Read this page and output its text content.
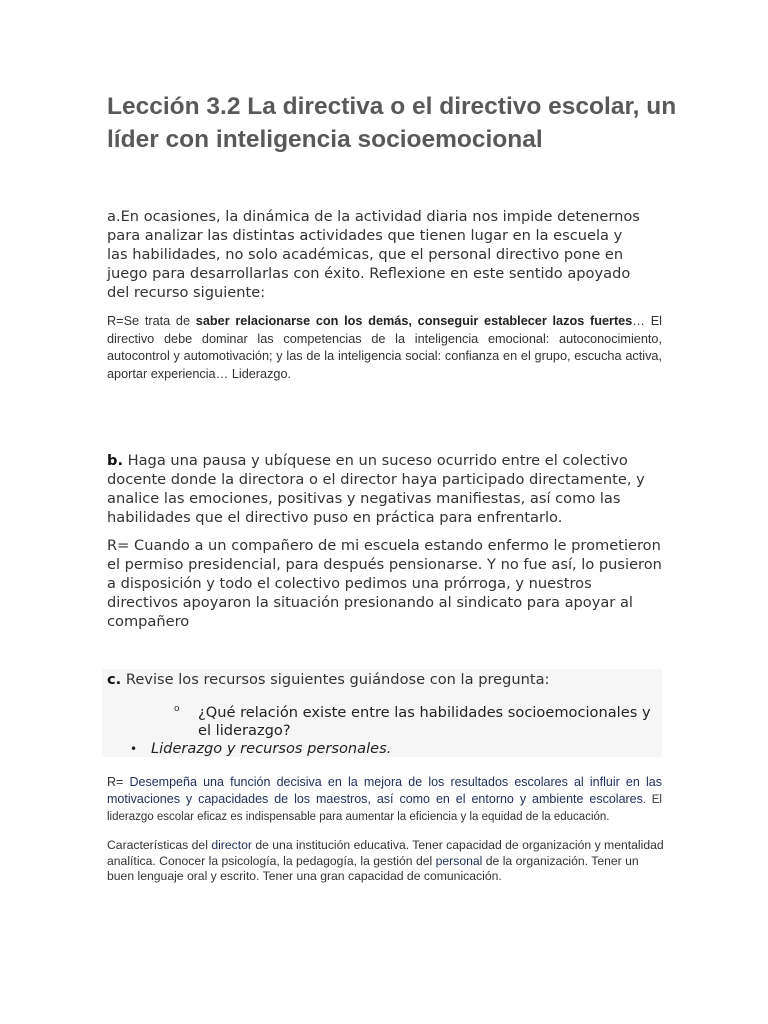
Lección 3.2 La directiva o el directivo escolar, un líder con inteligencia socioemocional

a.En ocasiones, la dinámica de la actividad diaria nos impide detenernos para analizar las distintas actividades que tienen lugar en la escuela y las habilidades, no solo académicas, que el personal directivo pone en juego para desarrollarlas con éxito. Reflexione en este sentido apoyado del recurso siguiente:

R=Se trata de saber relacionarse con los demás, conseguir establecer lazos fuertes… El directivo debe dominar las competencias de la inteligencia emocional: autoconocimiento, autocontrol y automotivación; y las de la inteligencia social: confianza en el grupo, escucha activa, aportar experiencia… Liderazgo.

b. Haga una pausa y ubíquese en un suceso ocurrido entre el colectivo docente donde la directora o el director haya participado directamente, y analice las emociones, positivas y negativas manifiestas, así como las habilidades que el directivo puso en práctica para enfrentarlo.

R= Cuando a un compañero de mi escuela estando enfermo le prometieron el permiso presidencial, para después pensionarse. Y no fue así, lo pusieron a disposición y todo el colectivo pedimos una prórroga, y nuestros directivos apoyaron la situación presionando al sindicato para apoyar al compañero

c. Revise los recursos siguientes guiándose con la pregunta:

o ¿Qué relación existe entre las habilidades socioemocionales y el liderazgo?

• Liderazgo y recursos personales.

R= Desempeña una función decisiva en la mejora de los resultados escolares al influir en las motivaciones y capacidades de los maestros, así como en el entorno y ambiente escolares. El liderazgo escolar eficaz es indispensable para aumentar la eficiencia y la equidad de la educación.

Características del director de una institución educativa. Tener capacidad de organización y mentalidad analítica. Conocer la psicología, la pedagogía, la gestión del personal de la organización. Tener un buen lenguaje oral y escrito. Tener una gran capacidad de comunicación.
